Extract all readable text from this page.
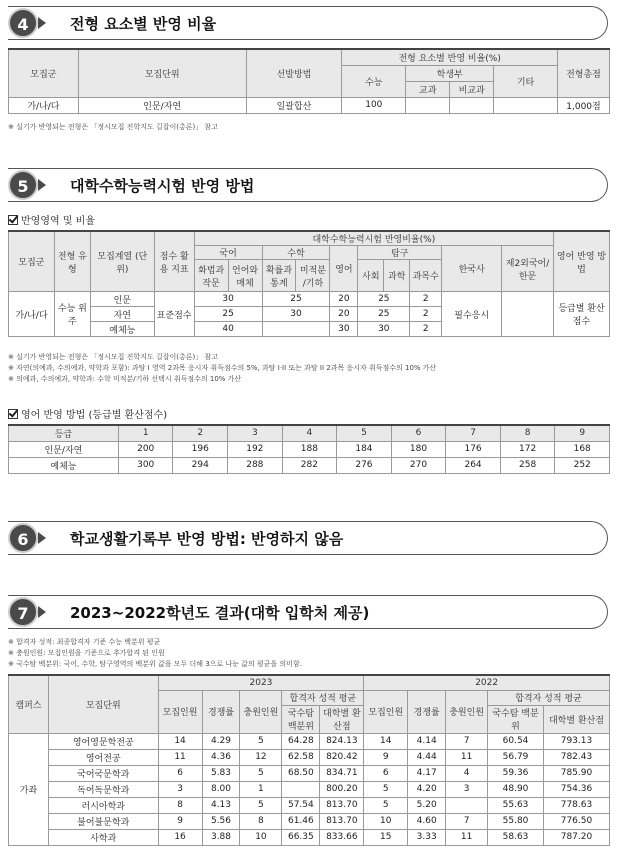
4	전형 요소별 반영 비율
모집군	모집단위	선발방법	전형 요소별 반영 비율(%)				전형총점
			수능	학생부		기타	
				교과	비교과		
가/나/다	인문/자연	일괄합산	100				1,000점
※ 실기가 반영되는 전형은 「정시모집 진학지도 길잡이(총론)」 참고
5	대학수학능력시험 반영 방법
반영영역 및 비율
모집군	전형 유형	모집계열 (단위)	점수 활용 지표	대학수학능력시험 반영비율(%)										영어 반영 방법
				국어		수학		영어	탐구			한국사	제2외국어/ 한문	
				화법과 작문	언어와 매체	확률과 통계	미적분 /기하		사회	과학	과목수			
가/나/다	수능 위주	인문	표준점수	30		25		20	25		2	필수응시		등급별 환산점수
		자연		25		30		20	25		2			
		예체능		40				30	30		2			
※ 실기가 반영되는 전형은 「정시모집 진학지도 길잡이(총론)」 참고
※ 자연(의예과, 수의예과, 약학과 포함): 과탐 I 영역 2과목 응시자 취득점수의 5%, 과탐 I·II 또는 과탐 II 2과목 응시자 취득점수의 10% 가산
※ 의예과, 수의예과, 약학과: 수학 미적분/기하 선택시 취득점수의 10% 가산
영어 반영 방법 (등급별 환산점수)
등급	1	2	3	4	5	6	7	8	9
인문/자연	200	196	192	188	184	180	176	172	168
예체능	300	294	288	282	276	270	264	258	252
6	학교생활기록부 반영 방법: 반영하지 않음
7	2023~2022학년도 결과(대학 입학처 제공)
※ 합격자 성적: 최종합격자 기준 수능 백분위 평균
※ 충원인원: 모집인원을 기준으로 추가합격 된 인원
※ 국수탐 백분위: 국어, 수학, 탐구영역의 백분위 값을 모두 더해 3으로 나눈 값의 평균을 의미함.
캠퍼스	모집단위	2023					2022				
		모집인원	경쟁률	충원인원	합격자 성적 평균		모집인원	경쟁률	충원인원	합격자 성적 평균	
					국수탐 백분위	대학별 환산점				국수탐 백분위	대학별 환산점
가좌	영어영문학전공	14	4.29	5	64.28	824.13	14	4.14	7	60.54	793.13
	영어전공	11	4.36	12	62.58	820.42	9	4.44	11	56.79	782.43
	국어국문학과	6	5.83	5	68.50	834.71	6	4.17	4	59.36	785.90
	독어독문학과	3	8.00	1		800.20	5	4.20	3	48.90	754.36
	러시아학과	8	4.13	5	57.54	813.70	5	5.20		55.63	778.63
	불어불문학과	9	5.56	8	61.46	813.70	10	4.60	7	55.80	776.50
	사학과	16	3.88	10	66.35	833.66	15	3.33	11	58.63	787.20
